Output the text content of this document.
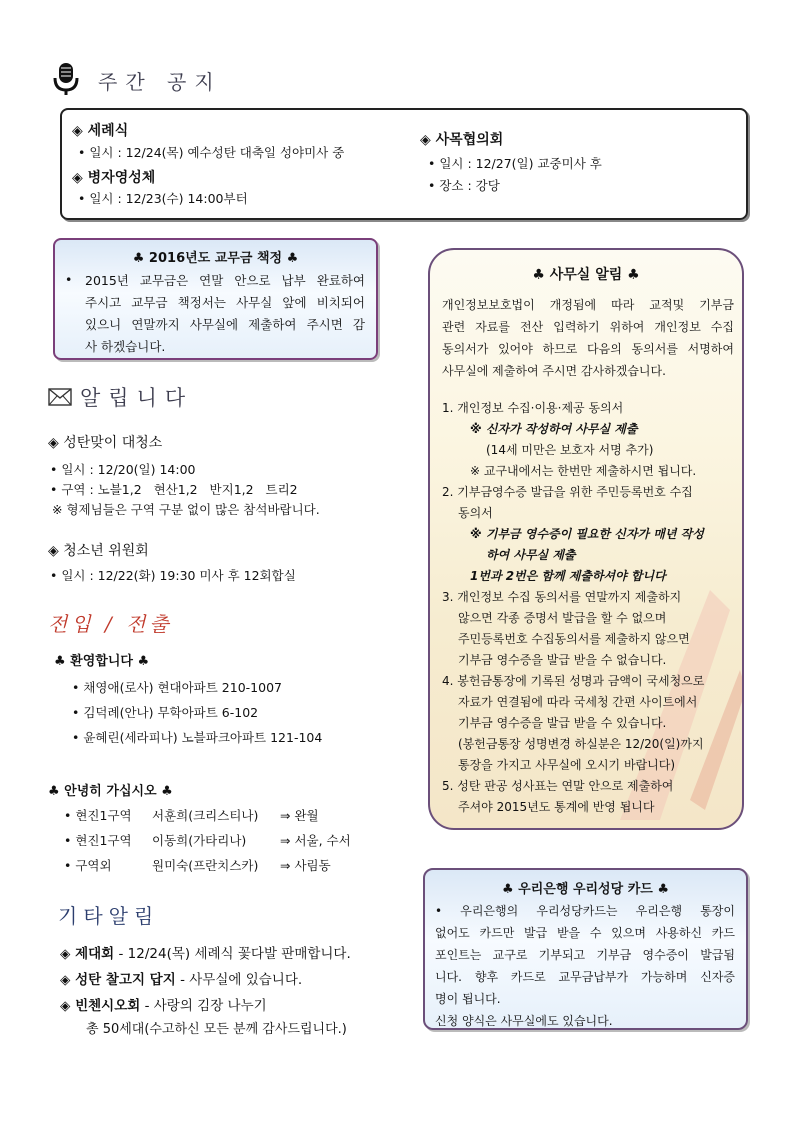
주간 공지
◈ 세례식
• 일시 : 12/24(목) 예수성탄 대축일 성야미사 중
◈ 병자영성체
• 일시 : 12/23(수) 14:00부터
◈ 사목협의회
• 일시 : 12/27(일) 교중미사 후
• 장소 : 강당
♣ 2016년도 교무금 책정 ♣
• 2015년 교무금은 연말 안으로 납부 완료하여
주시고 교무금 책정서는 사무실 앞에 비치되어
있으니 연말까지 사무실에 제출하여 주시면 감
사 하겠습니다.
알립니다
◈ 성탄맞이 대청소
• 일시 : 12/20(일) 14:00
• 구역 : 노블1,2   현산1,2   반지1,2   트리2
※ 형제님들은 구역 구분 없이 많은 참석바랍니다.
◈ 청소년 위원회
• 일시 : 12/22(화) 19:30 미사 후 12회합실
전입 / 전출
♣ 환영합니다 ♣
• 채영애(로사) 현대아파트 210-1007
• 김덕례(안나) 무학아파트 6-102
• 윤혜린(세라피나) 노블파크아파트 121-104
♣ 안녕히 가십시오 ♣
• 현진1구역 서훈희(크리스티나) ⇒ 완월
• 현진1구역 이동희(가타리나)	⇒ 서울, 수서
• 구역외	원미숙(프란치스카) ⇒ 사림동
기타알림
◈ 제대회 - 12/24(목) 세례식 꽃다발 판매합니다.
◈ 성탄 찰고지 답지 - 사무실에 있습니다.
◈ 빈첸시오회 - 사랑의 김장 나누기
총 50세대(수고하신 모든 분께 감사드립니다.)
♣ 사무실 알림 ♣
개인정보보호법이 개정됨에 따라 교적및 기부금
관련 자료를 전산 입력하기 위하여 개인정보 수집
동의서가 있어야 하므로 다음의 동의서를 서명하여
사무실에 제출하여 주시면 감사하겠습니다.
1. 개인정보 수집·이용·제공 동의서
※ 신자가 작성하여 사무실 제출
(14세 미만은 보호자 서명 추가)
※ 교구내에서는 한번만 제출하시면 됩니다.
2. 기부금영수증 발급을 위한 주민등록번호 수집
동의서
※ 기부금 영수증이 필요한 신자가 매년 작성
하여 사무실 제출
1번과 2번은 함께 제출하셔야 합니다
3. 개인정보 수집 동의서를 연말까지 제출하지
않으면 각종 증명서 발급을 할 수 없으며
주민등록번호 수집동의서를 제출하지 않으면
기부금 영수증을 발급 받을 수 없습니다.
4. 봉헌금통장에 기록된 성명과 금액이 국세청으로
자료가 연결됨에 따라 국세청 간편 사이트에서
기부금 영수증을 발급 받을 수 있습니다.
(봉헌금통장 성명변경 하실분은 12/20(일)까지
통장을 가지고 사무실에 오시기 바랍니다)
5. 성탄 판공 성사표는 연말 안으로 제출하여
주셔야 2015년도 통계에 반영 됩니다
♣ 우리은행 우리성당 카드 ♣
• 우리은행의 우리성당카드는 우리은행 통장이
없어도 카드만 발급 받을 수 있으며 사용하신 카드
포인트는 교구로 기부되고 기부금 영수증이 발급됨
니다. 향후 카드로 교무금납부가 가능하며 신자증
명이 됩니다.
신청 양식은 사무실에도 있습니다.
